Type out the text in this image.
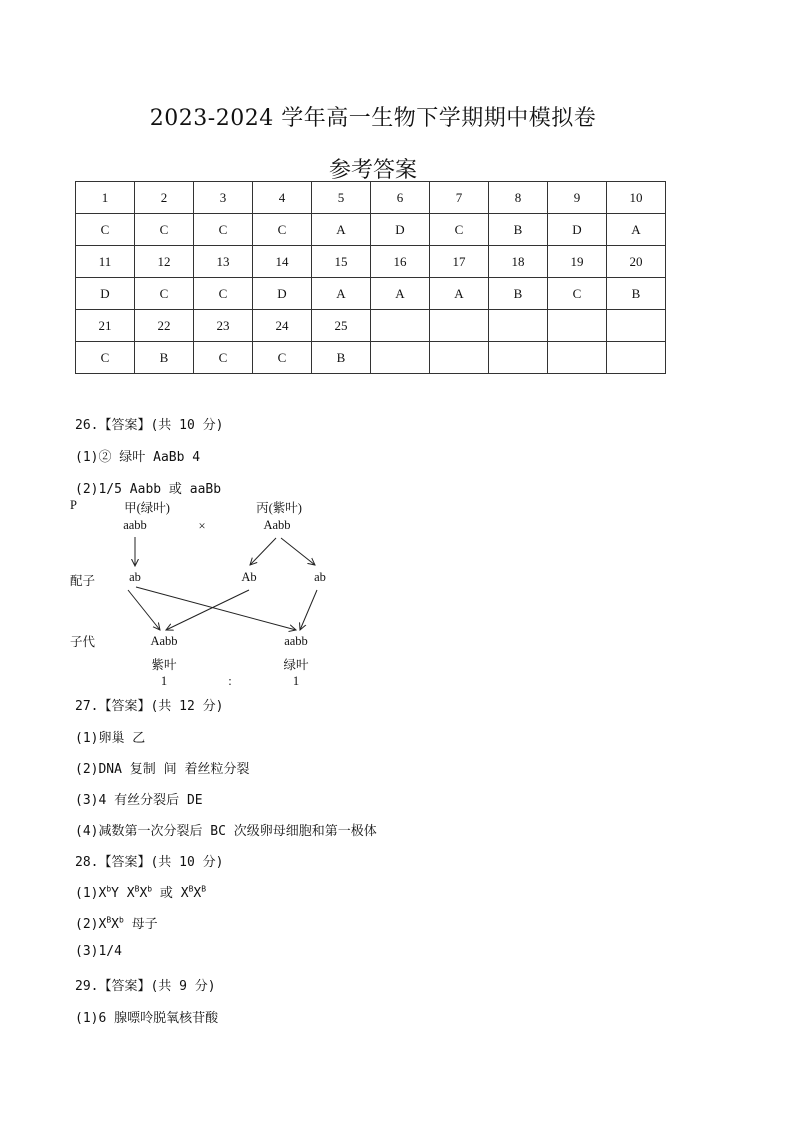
2023-2024 学年高一生物下学期期中模拟卷
参考答案
1	2	3	4	5	6	7	8	9	10
C	C	C	C	A	D	C	B	D	A
11	12	13	14	15	16	17	18	19	20
D	C	C	D	A	A	A	B	C	B
21	22	23	24	25					
C	B	C	C	B					
26.【答案】(共 10 分)
(1)② 绿叶 AaBb 4
(2)1/5 Aabb 或 aaBb
P	甲(绿叶)
aabb	×
丙(紫叶)
Aabb
配子	ab	Ab	ab
子代	Aabb
紫叶
1	:
aabb
绿叶
1
27.【答案】(共 12 分)
(1)卵巢 乙
(2)DNA 复制 间 着丝粒分裂
(3)4 有丝分裂后 DE
(4)减数第一次分裂后 BC 次级卵母细胞和第一极体
28.【答案】(共 10 分)
$(1)X^bY$ $X^BX^b$ 或 $X^BX^B$
$(2)X^BX^b$ 母子
(3)1/4
29.【答案】(共 9 分)
(1)6 腺嘌呤脱氧核苷酸
